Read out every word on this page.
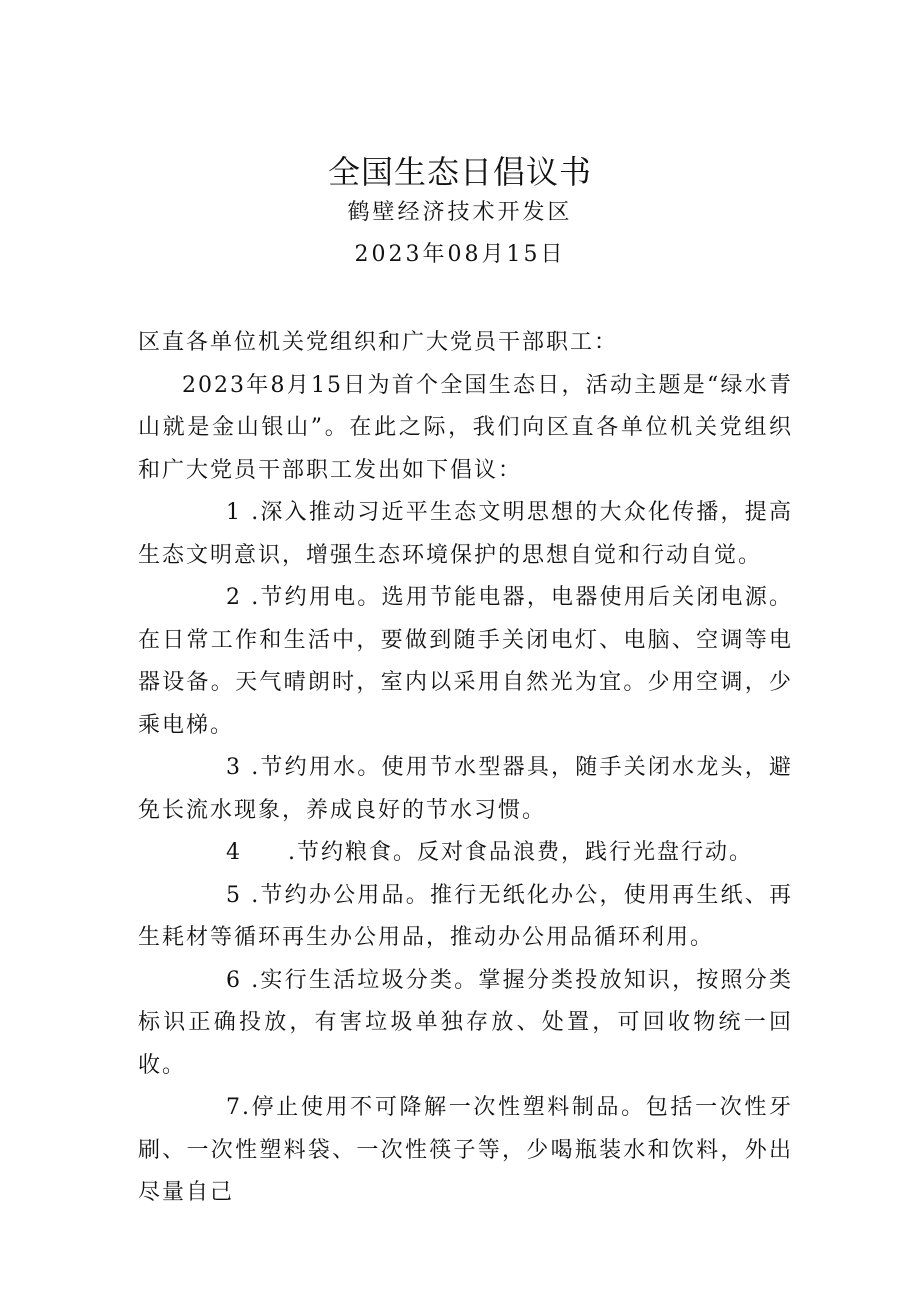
全国生态日倡议书
鹤壁经济技术开发区
2023年08月15日

区直各单位机关党组织和广大党员干部职工：

2023年8月15日为首个全国生态日，活动主题是“绿水青山就是金山银山”。在此之际，我们向区直各单位机关党组织和广大党员干部职工发出如下倡议：

1 .深入推动习近平生态文明思想的大众化传播，提高生态文明意识，增强生态环境保护的思想自觉和行动自觉。

2 .节约用电。选用节能电器，电器使用后关闭电源。在日常工作和生活中，要做到随手关闭电灯、电脑、空调等电器设备。天气晴朗时，室内以采用自然光为宜。少用空调，少乘电梯。

3 .节约用水。使用节水型器具，随手关闭水龙头，避免长流水现象，养成良好的节水习惯。

4 .节约粮食。反对食品浪费，践行光盘行动。

5 .节约办公用品。推行无纸化办公，使用再生纸、再生耗材等循环再生办公用品，推动办公用品循环利用。

6 .实行生活垃圾分类。掌握分类投放知识，按照分类标识正确投放，有害垃圾单独存放、处置，可回收物统一回收。

7.停止使用不可降解一次性塑料制品。包括一次性牙刷、一次性塑料袋、一次性筷子等，少喝瓶装水和饮料，外出尽量自己
